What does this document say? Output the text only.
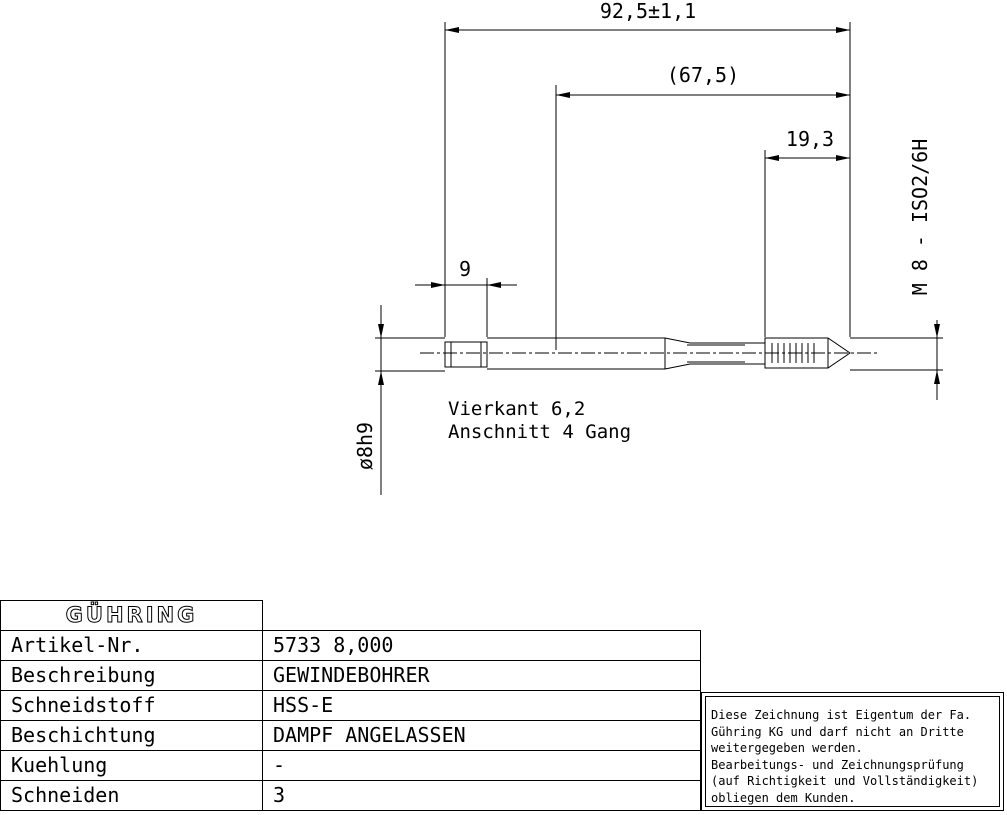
92,5±1,1
(67,5)
19,3
9	M 8 - ISO2/6H
ø8h9
Vierkant 6,2
Anschnitt 4 Gang
GÜHRING	

Artikel-Nr.	5733 8,000
Beschreibung	GEWINDEBOHRER
Schneidstoff	HSS-E
Beschichtung	DAMPF ANGELASSEN
Kuehlung	-
Schneiden	3
Diese Zeichnung ist Eigentum der Fa.
Gühring KG und darf nicht an Dritte
weitergegeben werden.
Bearbeitungs- und Zeichnungsprüfung
(auf Richtigkeit und Vollständigkeit)
obliegen dem Kunden.
